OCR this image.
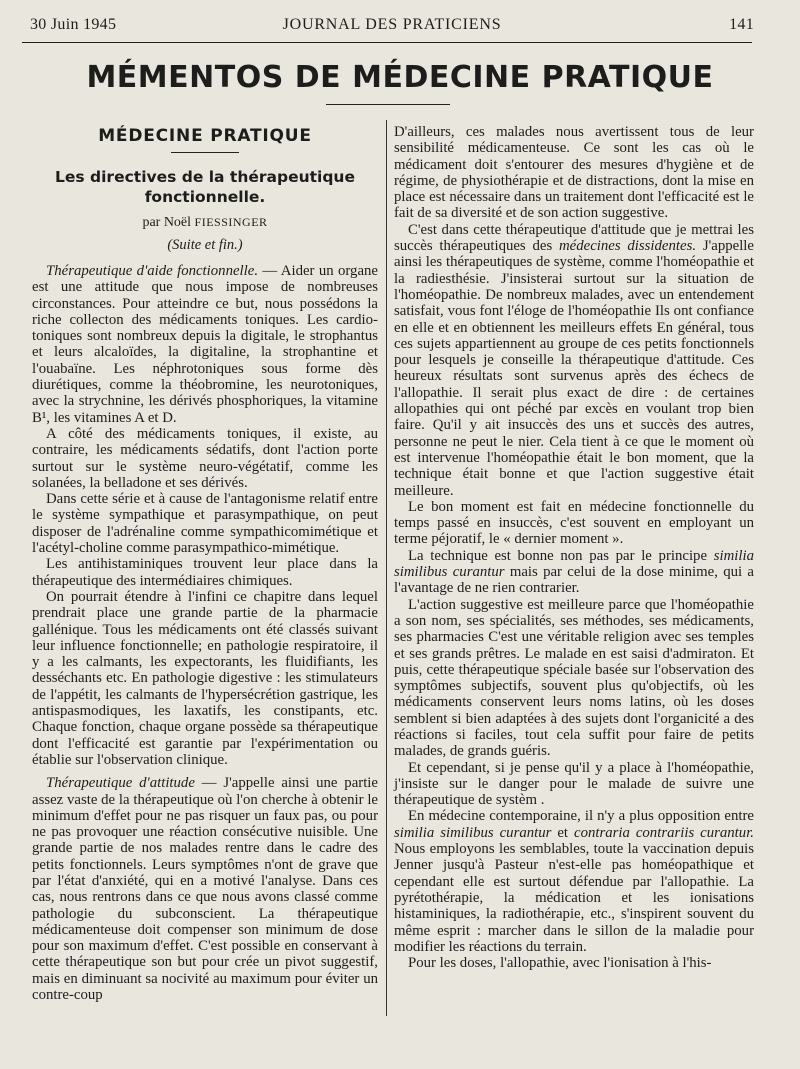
30 Juin 1945	JOURNAL DES PRATICIENS	141
MÉMENTOS DE MÉDECINE PRATIQUE
MÉDECINE PRATIQUE
Les directives de la thérapeutique fonctionnelle.
par Noël FIESSINGER
(Suite et fin.)

Thérapeutique d'aide fonctionnelle. — Aider un organe est une attitude que nous impose de nombreuses circonstances. Pour atteindre ce but, nous possédons la riche collecton des médicaments toniques. Les cardio-toniques sont nombreux depuis la digitale, le strophantus et leurs alcaloïdes, la digitaline, la strophantine et l'ouabaïne. Les néphrotoniques sous forme dès diurétiques, comme la théobromine, les neurotoniques, avec la strychnine, les dérivés phosphoriques, la vitamine B¹, les vitamines A et D.

A côté des médicaments toniques, il existe, au contraire, les médicaments sédatifs, dont l'action porte surtout sur le système neuro-végétatif, comme les solanées, la belladone et ses dérivés.

Dans cette série et à cause de l'antagonisme relatif entre le système sympathique et parasympathique, on peut disposer de l'adrénaline comme sympathicomimétique et l'acétyl-choline comme parasympathico-mimétique.

Les antihistaminiques trouvent leur place dans la thérapeutique des intermédiaires chimiques.

On pourrait étendre à l'infini ce chapitre dans lequel prendrait place une grande partie de la pharmacie gallénique. Tous les médicaments ont été classés suivant leur influence fonctionnelle; en pathologie respiratoire, il y a les calmants, les expectorants, les fluidifiants, les desséchants etc. En pathologie digestive : les stimulateurs de l'appétit, les calmants de l'hypersécrétion gastrique, les antispasmodiques, les laxatifs, les constipants, etc. Chaque fonction, chaque organe possède sa thérapeutique dont l'efficacité est garantie par l'expérimentation ou établie sur l'observation clinique.

Thérapeutique d'attitude — J'appelle ainsi une partie assez vaste de la thérapeutique où l'on cherche à obtenir le minimum d'effet pour ne pas risquer un faux pas, ou pour ne pas provoquer une réaction consécutive nuisible. Une grande partie de nos malades rentre dans le cadre des petits fonctionnels. Leurs symptômes n'ont de grave que par l'état d'anxiété, qui en a motivé l'analyse. Dans ces cas, nous rentrons dans ce que nous avons classé comme pathologie du subconscient. La thérapeutique médicamenteuse doit compenser son minimum de dose pour son maximum d'effet. C'est possible en conservant à cette thérapeutique son but pour crée un pivot suggestif, mais en diminuant sa nocivité au maximum pour éviter un contre-coup

D'ailleurs, ces malades nous avertissent tous de leur sensibilité médicamenteuse. Ce sont les cas où le médicament doit s'entourer des mesures d'hygiène et de régime, de physiothérapie et de distractions, dont la mise en place est nécessaire dans un traitement dont l'efficacité est le fait de sa diversité et de son action suggestive.

C'est dans cette thérapeutique d'attitude que je mettrai les succès thérapeutiques des médecines dissidentes. J'appelle ainsi les thérapeutiques de système, comme l'homéopathie et la radiesthésie. J'insisterai surtout sur la situation de l'homéopathie. De nombreux malades, avec un entendement satisfait, vous font l'éloge de l'homéopathie Ils ont confiance en elle et en obtiennent les meilleurs effets En général, tous ces sujets appartiennent au groupe de ces petits fonctionnels pour lesquels je conseille la thérapeutique d'attitude. Ces heureux résultats sont survenus après des échecs de l'allopathie. Il serait plus exact de dire : de certaines allopathies qui ont péché par excès en voulant trop bien faire. Qu'il y ait insuccès des uns et succès des autres, personne ne peut le nier. Cela tient à ce que le moment où est intervenue l'homéopathie était le bon moment, que la technique était bonne et que l'action suggestive était meilleure.

Le bon moment est fait en médecine fonctionnelle du temps passé en insuccès, c'est souvent en employant un terme péjoratif, le « dernier moment ».

La technique est bonne non pas par le principe similia similibus curantur mais par celui de la dose minime, qui a l'avantage de ne rien contrarier.

L'action suggestive est meilleure parce que l'homéopathie a son nom, ses spécialités, ses méthodes, ses médicaments, ses pharmacies C'est une véritable religion avec ses temples et ses grands prêtres. Le malade en est saisi d'admiraton. Et puis, cette thérapeutique spéciale basée sur l'observation des symptômes subjectifs, souvent plus qu'objectifs, où les médicaments conservent leurs noms latins, où les doses semblent si bien adaptées à des sujets dont l'organicité a des réactions si faciles, tout cela suffit pour faire de petits malades, de grands guéris.

Et cependant, si je pense qu'il y a place à l'homéopathie, j'insiste sur le danger pour le malade de suivre une thérapeutique de systèm .

En médecine contemporaine, il n'y a plus opposition entre similia similibus curantur et contraria contrariis curantur. Nous employons les semblables, toute la vaccination depuis Jenner jusqu'à Pasteur n'est-elle pas homéopathique et cependant elle est surtout défendue par l'allopathie. La pyrétothérapie, la médication et les ionisations histaminiques, la radiothérapie, etc., s'inspirent souvent du même esprit : marcher dans le sillon de la maladie pour modifier les réactions du terrain.

Pour les doses, l'allopathie, avec l'ionisation à l'his-
